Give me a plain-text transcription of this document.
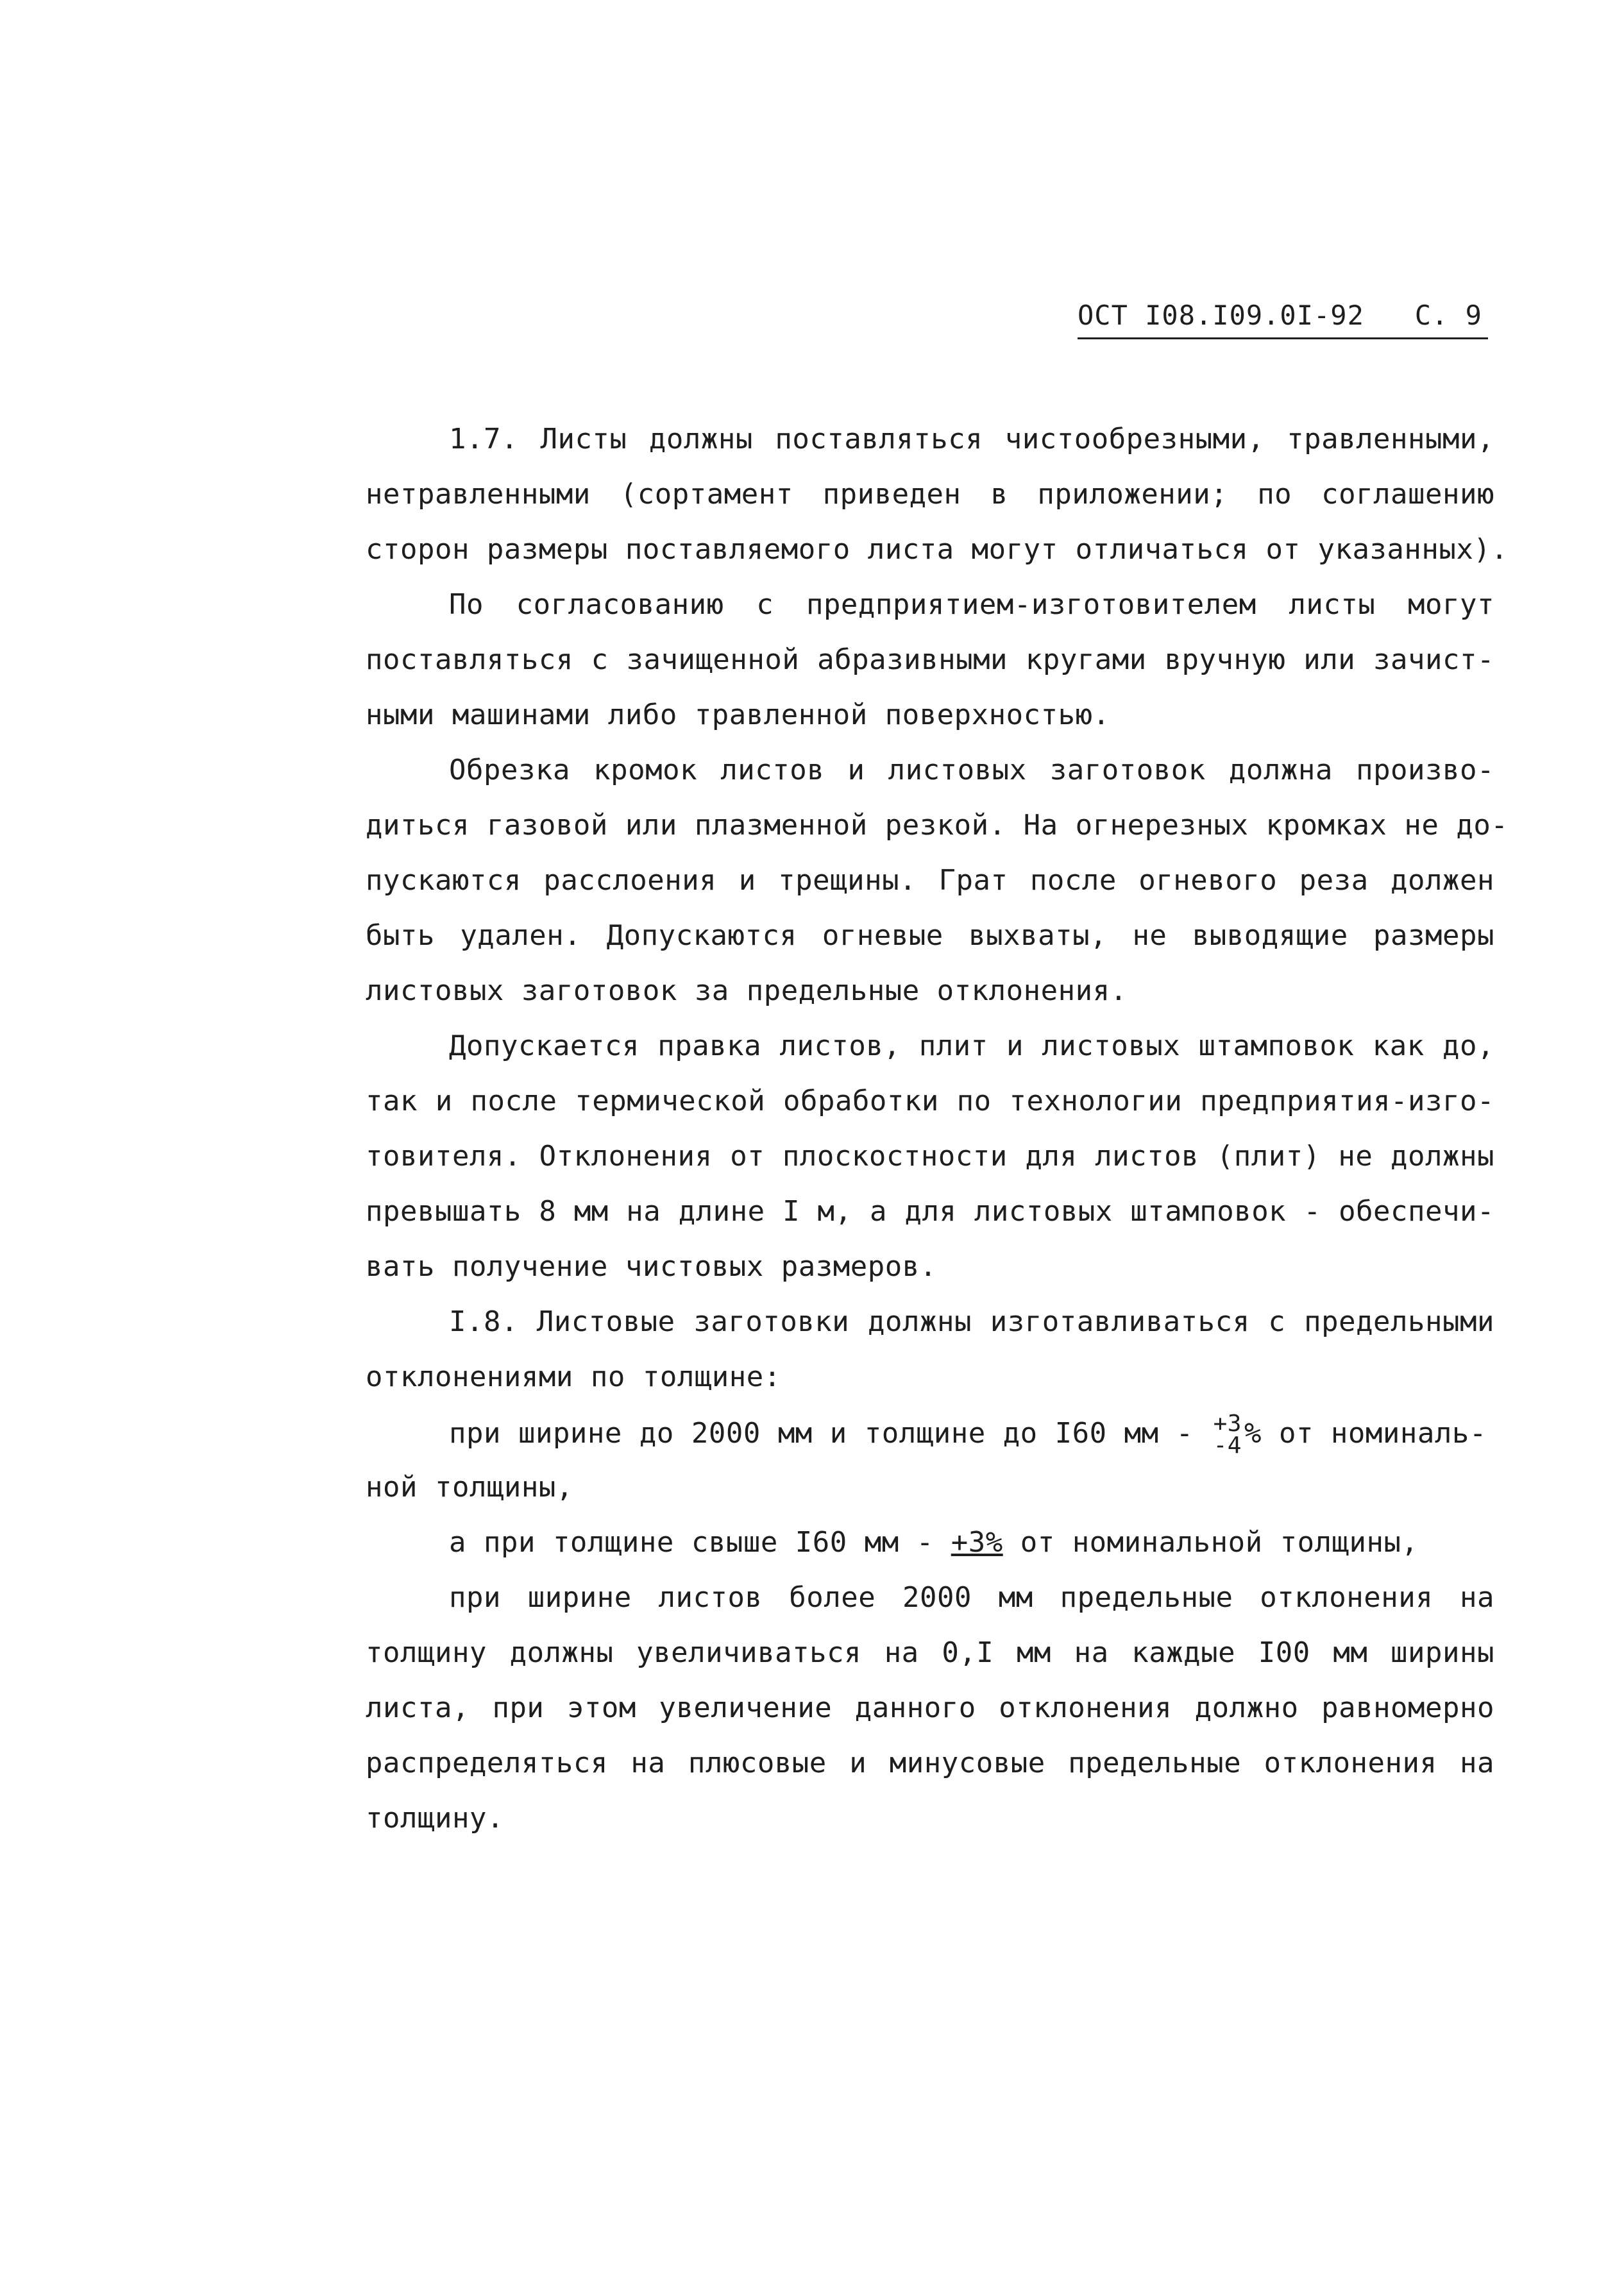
ОСТ I08.I09.0I-92 С. 9
1.7. Листы должны поставляться чистообрезными, травленными,
нетравленными (сортамент приведен в приложении; по соглашению
сторон размеры поставляемого листа могут отличаться от указанных).
По согласованию с предприятием-изготовителем листы могут
поставляться с зачищенной абразивными кругами вручную или зачист-
ными машинами либо травленной поверхностью.
Обрезка кромок листов и листовых заготовок должна произво-
диться газовой или плазменной резкой. На огнерезных кромках не до-
пускаются расслоения и трещины. Грат после огневого реза должен
быть удален. Допускаются огневые выхваты, не выводящие размеры
листовых заготовок за предельные отклонения.
Допускается правка листов, плит и листовых штамповок как до,
так и после термической обработки по технологии предприятия-изго-
товителя. Отклонения от плоскостности для листов (плит) не должны
превышать 8 мм на длине I м, а для листовых штамповок - обеспечи-
вать получение чистовых размеров.
I.8. Листовые заготовки должны изготавливаться с предельными
отклонениями по толщине:
при ширине до 2000 мм и толщине до I60 мм - +3
-4 % от номиналь-
ной толщины,
а при толщине свыше I60 мм - +3% от номинальной толщины,
при ширине листов более 2000 мм предельные отклонения на
толщину должны увеличиваться на 0,I мм на каждые I00 мм ширины
листа, при этом увеличение данного отклонения должно равномерно
распределяться на плюсовые и минусовые предельные отклонения на
толщину.
